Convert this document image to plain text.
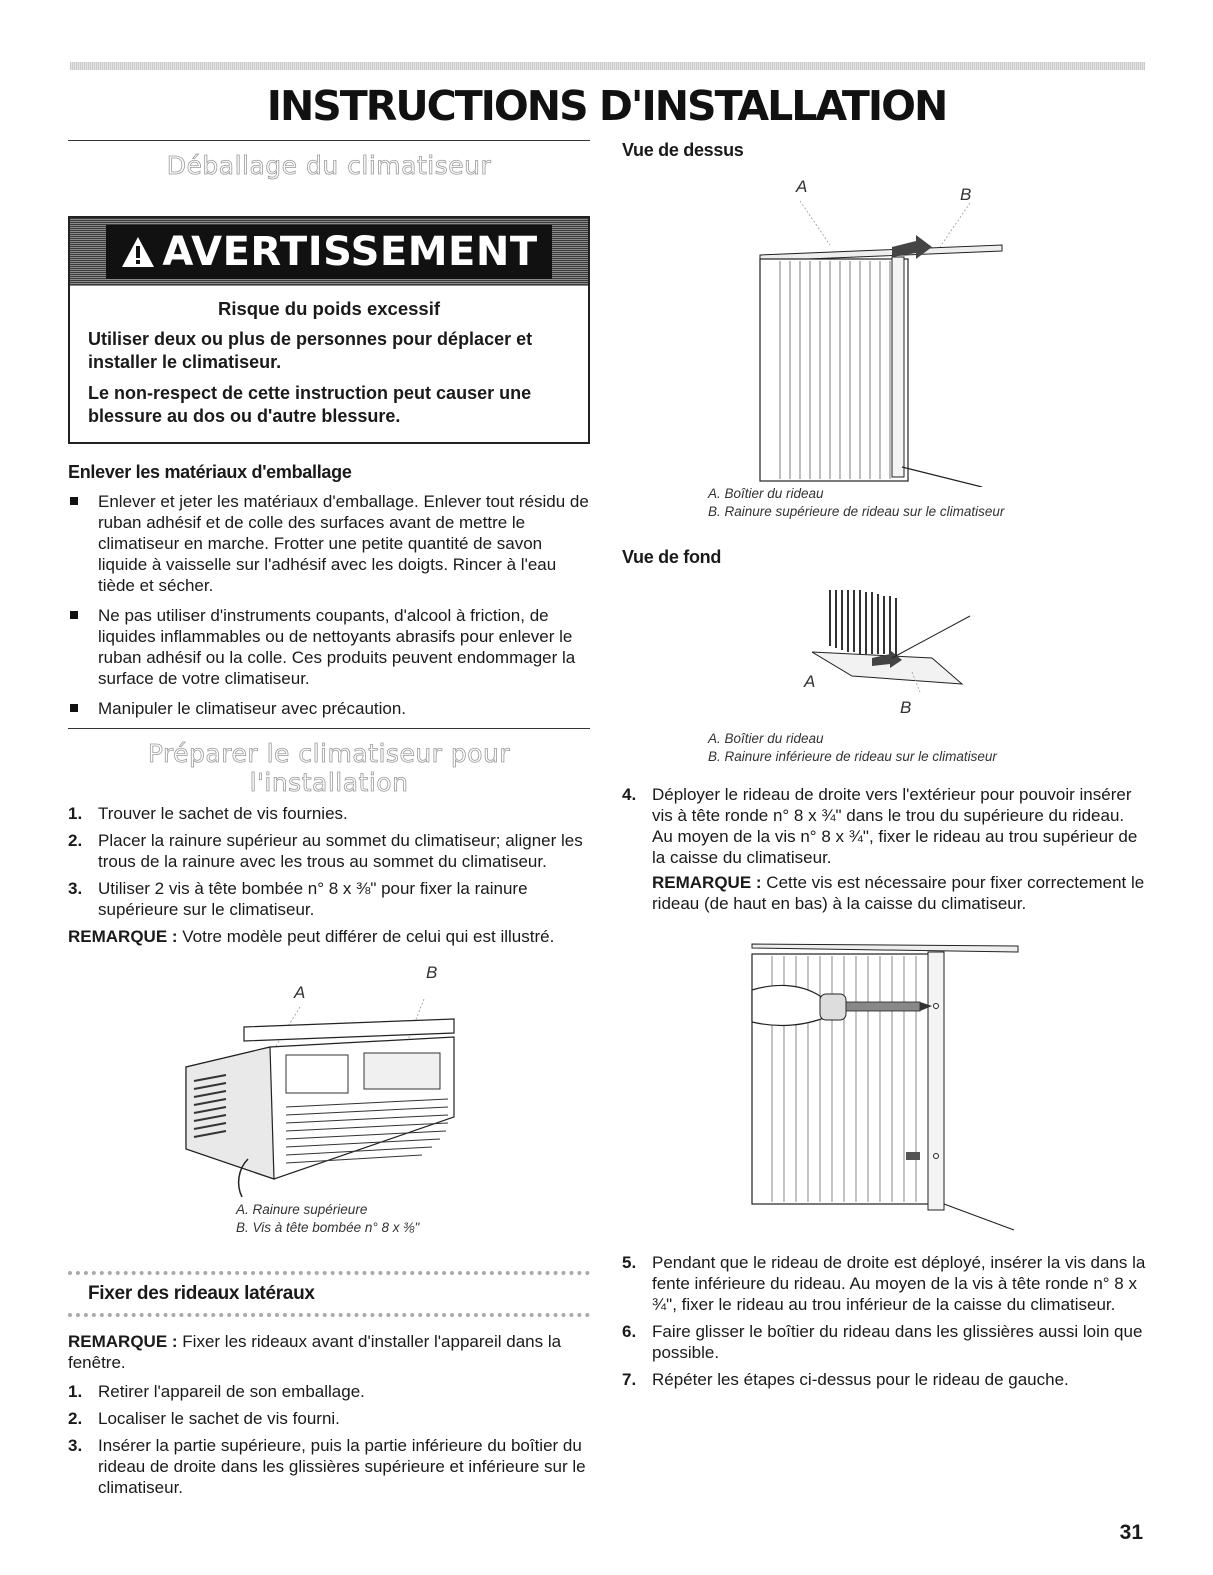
INSTRUCTIONS D'INSTALLATION
Déballage du climatiseur
AVERTISSEMENT
Risque du poids excessif

Utiliser deux ou plus de personnes pour déplacer et installer le climatiseur.

Le non-respect de cette instruction peut causer une blessure au dos ou d'autre blessure.

Enlever les matériaux d'emballage
Enlever et jeter les matériaux d'emballage. Enlever tout résidu de ruban adhésif et de colle des surfaces avant de mettre le climatiseur en marche. Frotter une petite quantité de savon liquide à vaisselle sur l'adhésif avec les doigts. Rincer à l'eau tiède et sécher.
Ne pas utiliser d'instruments coupants, d'alcool à friction, de liquides inflammables ou de nettoyants abrasifs pour enlever le ruban adhésif ou la colle. Ces produits peuvent endommager la surface de votre climatiseur.
Manipuler le climatiseur avec précaution.
Préparer le climatiseur pour l'installation
1. Trouver le sachet de vis fournies.
2. Placer la rainure supérieur au sommet du climatiseur; aligner les trous de la rainure avec les trous au sommet du climatiseur.
3. Utiliser 2 vis à tête bombée n° 8 x ⅜" pour fixer la rainure supérieure sur le climatiseur.

REMARQUE : Votre modèle peut différer de celui qui est illustré.

A
B
A. Rainure supérieure
B. Vis à tête bombée n° 8 x ⅜"
Fixer des rideaux latéraux

REMARQUE : Fixer les rideaux avant d'installer l'appareil dans la fenêtre.

1. Retirer l'appareil de son emballage.
2. Localiser le sachet de vis fourni.
3. Insérer la partie supérieure, puis la partie inférieure du boîtier du rideau de droite dans les glissières supérieure et inférieure sur le climatiseur.
Vue de dessus
A	B
A. Boîtier du rideau
B. Rainure supérieure de rideau sur le climatiseur
Vue de fond
A
B
A. Boîtier du rideau
B. Rainure inférieure de rideau sur le climatiseur
4. Déployer le rideau de droite vers l'extérieur pour pouvoir insérer vis à tête ronde n° 8 x ¾" dans le trou du supérieure du rideau. Au moyen de la vis n° 8 x ¾", fixer le rideau au trou supérieur de la caisse du climatiseur.

REMARQUE : Cette vis est nécessaire pour fixer correctement le rideau (de haut en bas) à la caisse du climatiseur.

5. Pendant que le rideau de droite est déployé, insérer la vis dans la fente inférieure du rideau. Au moyen de la vis à tête ronde n° 8 x ¾", fixer le rideau au trou inférieur de la caisse du climatiseur.
6. Faire glisser le boîtier du rideau dans les glissières aussi loin que possible.
7. Répéter les étapes ci-dessus pour le rideau de gauche.
31
